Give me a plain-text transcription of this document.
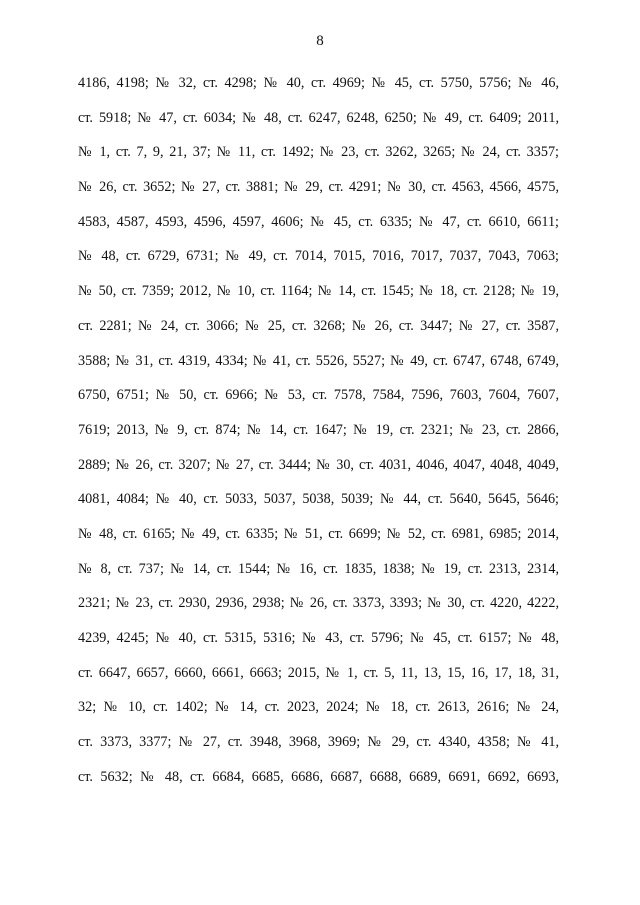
8
4186, 4198; № 32, ст. 4298; № 40, ст. 4969; № 45, ст. 5750, 5756; № 46,
ст. 5918; № 47, ст. 6034; № 48, ст. 6247, 6248, 6250; № 49, ст. 6409; 2011,
№ 1, ст. 7, 9, 21, 37; № 11, ст. 1492; № 23, ст. 3262, 3265; № 24, ст. 3357;
№ 26, ст. 3652; № 27, ст. 3881; № 29, ст. 4291; № 30, ст. 4563, 4566, 4575,
4583, 4587, 4593, 4596, 4597, 4606; № 45, ст. 6335; № 47, ст. 6610, 6611;
№ 48, ст. 6729, 6731; № 49, ст. 7014, 7015, 7016, 7017, 7037, 7043, 7063;
№ 50, ст. 7359; 2012, № 10, ст. 1164; № 14, ст. 1545; № 18, ст. 2128; № 19,
ст. 2281; № 24, ст. 3066; № 25, ст. 3268; № 26, ст. 3447; № 27, ст. 3587,
3588; № 31, ст. 4319, 4334; № 41, ст. 5526, 5527; № 49, ст. 6747, 6748, 6749,
6750, 6751; № 50, ст. 6966; № 53, ст. 7578, 7584, 7596, 7603, 7604, 7607,
7619; 2013, № 9, ст. 874; № 14, ст. 1647; № 19, ст. 2321; № 23, ст. 2866,
2889; № 26, ст. 3207; № 27, ст. 3444; № 30, ст. 4031, 4046, 4047, 4048, 4049,
4081, 4084; № 40, ст. 5033, 5037, 5038, 5039; № 44, ст. 5640, 5645, 5646;
№ 48, ст. 6165; № 49, ст. 6335; № 51, ст. 6699; № 52, ст. 6981, 6985; 2014,
№ 8, ст. 737; № 14, ст. 1544; № 16, ст. 1835, 1838; № 19, ст. 2313, 2314,
2321; № 23, ст. 2930, 2936, 2938; № 26, ст. 3373, 3393; № 30, ст. 4220, 4222,
4239, 4245; № 40, ст. 5315, 5316; № 43, ст. 5796; № 45, ст. 6157; № 48,
ст. 6647, 6657, 6660, 6661, 6663; 2015, № 1, ст. 5, 11, 13, 15, 16, 17, 18, 31,
32; № 10, ст. 1402; № 14, ст. 2023, 2024; № 18, ст. 2613, 2616; № 24,
ст. 3373, 3377; № 27, ст. 3948, 3968, 3969; № 29, ст. 4340, 4358; № 41,
ст. 5632; № 48, ст. 6684, 6685, 6686, 6687, 6688, 6689, 6691, 6692, 6693,
